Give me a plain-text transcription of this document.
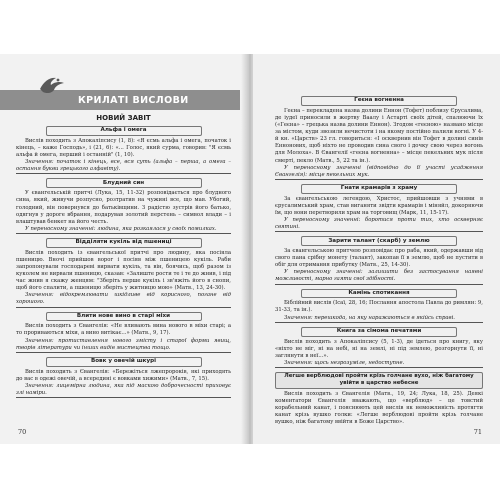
КРИЛАТІ ВИСЛОВИ
НОВИЙ ЗАВІТ
Альфа і омега

Вислів походить з Апокаліпсису (1, 8): «Я єсмь альфа і омега, початок і кінець, – каже Господь», і (21, 6): «... Голос, який сурма, говорив: "Я єсмь альфа й омега, перший і останній" (1, 10).

Значення: початок і кінець, все, вся суть (альфа – перша, а омега – остання букви грецького алфавіту).

Блудний син

У євангельській притчі (Лука, 15, 11-32) розповідається про блудного сина, який, живучи розпусно, розтратив на чужині все, що мав. Убогий, голодний, він повернувся до батьківщини. З радістю зустрів його батько, одягнув у дороге вбрання, подарував золотий перстень – символ влади – і влаштував бенкет на його честь.

У переносному значенні: людина, яка розкаялася у своїх помилках.

Відділяти кукіль від пшениці

Вислів походить із євангельської притчі про людину, яка посіяла пшеницю. Вночі прийшов ворог і посіяв між пшеницею кукіль. Раби запропонували господареві вирвати кукіль, та він, боячись, щоб разом із куколем не вирвали пшеницю, сказав: «Залиште рости те і те до жнив, і під час жнив я скажу женцям: "Зберіть перше кукіль і зв'яжіть його в снопи, щоб його спалити, а пшеницю зберіть у житницю мою» (Матв., 13, 24-30).

Значення: відокремлювати шкідливе від корисного, погане від хорошого.

Влити нове вино в старі міхи

Вислів походить з Євангелія: «Не вливають вина нового в міхи старі; а то прориваються міхи, а вино витікає...» (Матв., 9, 17).

Значення: протиставлення нового змісту і старої форми явищ, творів літератури чи інших видів мистецтва тощо.

Вовк у овечій шкурі

Вислів походить з Євангелія: «Бережіться лжепророків, які приходять до вас в одежі овечій, а всередині є вовками хижими» (Матв., 7, 15).

Значення: лицемірна людина, яка під маскою доброчесності приховує злі наміри.

70
Геєна вогненна

Геєна – перекладена назва долини Еннон (Тофет) поблизу Єрусалима, де іудеї приносили в жертву Ваалу і Астарті своїх дітей, спалюючи їх («Геєна» – грецька назва долини Еннон). Згодом «геєною» названо місце за містом, куди звозили нечистоти і на якому постійно палили вогні. У 4-й кн. «Царств» 23 гл. говориться: «І осквернив він Тофет в долині синів Еннонових, щоб ніхто не проводив сина свого і дочку свою через вогонь для Молоха». В Євангелії «геєна вогненна» – місце пекельних мук після смерті, пекло (Матв., 5, 22 та ін.).

У переносному значенні (відповідно до її участі усадження Євангелія): місце пекельних мук.

Гнати крамарів з храму

За євангельською легендою, Христос, прийшовши з учнями в єрусалимський храм, став виганяти звідти крамарів і міняйл, докоряючи їм, що вони перетворили храм на торговищ (Марк, 11, 15-17).

У переносному значенні: боротися проти тих, хто оскверняє святині.

Зарити талант (скарб) у землю

За євангельською притчею розповідає про раба, який, одержавши від свого пана срібну монету (талант), закопав її в землю, щоб не пустити в обіг для отримання прибутку (Матв., 25, 14-30).

У переносному значенні: залишити без застосування наявні можливості, марно гаяти свої здібності.

Камінь спотикання

Біблійний вислів (Ісаї, 28, 16; Послання апостола Павла до римлян: 9, 31-33, та ін.).

Значення: перешкода, на яку наражаються в якійсь справі.

Книга за сімома печатями

Вислів походить з Апокаліпсису (5, 1-3), де ідеться про книгу, яку «ніхто не міг, ні на небі, ні на землі, ні під землею, розгорнути її, ні заглянути в неї...».

Значення: щось незрозуміле, недоступне.

Легше верблюдові пройти крізь голчане вухо, ніж багатому увійти в царство небесне

Вислів походить з Євангелія (Матв., 19, 24; Лука, 18, 25). Деякі коментатори Євангелія вважають, що «верблюд» – це товстий корабельний канат, і пояснюють цей вислів як неможливість протягти канат крізь вушко голки: «Легше верблюдові пройти крізь голчане вушко, ніж багатому ввійти в Боже Царство».

71
